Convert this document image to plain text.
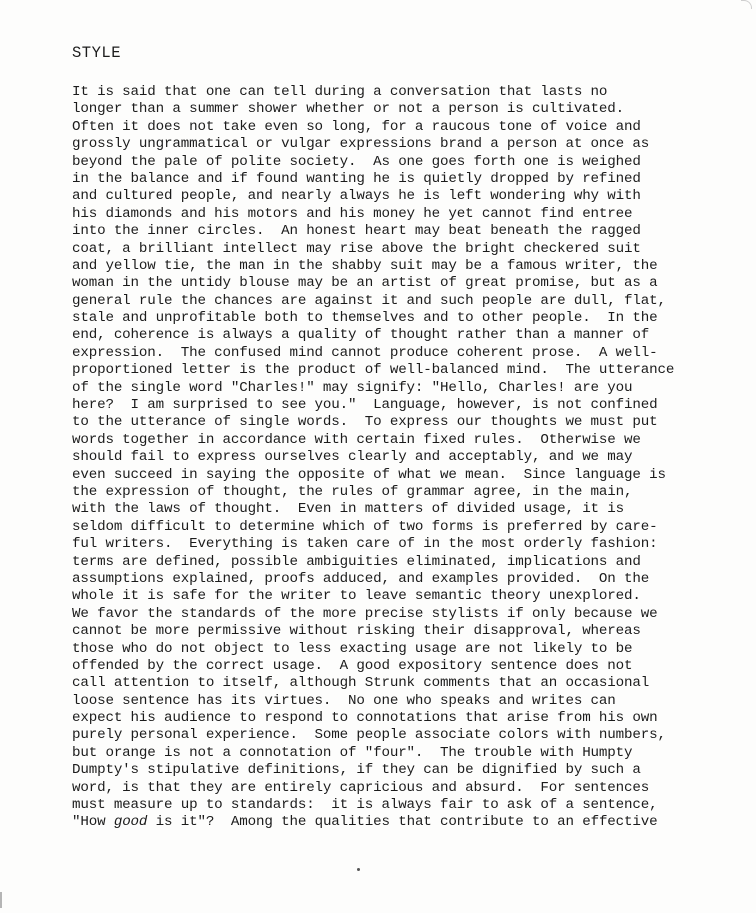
STYLE
It is said that one can tell during a conversation that lasts no
longer than a summer shower whether or not a person is cultivated.
Often it does not take even so long, for a raucous tone of voice and
grossly ungrammatical or vulgar expressions brand a person at once as
beyond the pale of polite society.  As one goes forth one is weighed
in the balance and if found wanting he is quietly dropped by refined
and cultured people, and nearly always he is left wondering why with
his diamonds and his motors and his money he yet cannot find entree
into the inner circles.  An honest heart may beat beneath the ragged
coat, a brilliant intellect may rise above the bright checkered suit
and yellow tie, the man in the shabby suit may be a famous writer, the
woman in the untidy blouse may be an artist of great promise, but as a
general rule the chances are against it and such people are dull, flat,
stale and unprofitable both to themselves and to other people.  In the
end, coherence is always a quality of thought rather than a manner of
expression.  The confused mind cannot produce coherent prose.  A well-
proportioned letter is the product of well-balanced mind.  The utterance
of the single word "Charles!" may signify: "Hello, Charles! are you
here?  I am surprised to see you."  Language, however, is not confined
to the utterance of single words.  To express our thoughts we must put
words together in accordance with certain fixed rules.  Otherwise we
should fail to express ourselves clearly and acceptably, and we may
even succeed in saying the opposite of what we mean.  Since language is
the expression of thought, the rules of grammar agree, in the main,
with the laws of thought.  Even in matters of divided usage, it is
seldom difficult to determine which of two forms is preferred by care-
ful writers.  Everything is taken care of in the most orderly fashion:
terms are defined, possible ambiguities eliminated, implications and
assumptions explained, proofs adduced, and examples provided.  On the
whole it is safe for the writer to leave semantic theory unexplored.
We favor the standards of the more precise stylists if only because we
cannot be more permissive without risking their disapproval, whereas
those who do not object to less exacting usage are not likely to be
offended by the correct usage.  A good expository sentence does not
call attention to itself, although Strunk comments that an occasional
loose sentence has its virtues.  No one who speaks and writes can
expect his audience to respond to connotations that arise from his own
purely personal experience.  Some people associate colors with numbers,
but orange is not a connotation of "four".  The trouble with Humpty
Dumpty's stipulative definitions, if they can be dignified by such a
word, is that they are entirely capricious and absurd.  For sentences
must measure up to standards:  it is always fair to ask of a sentence,
"How good is it"?  Among the qualities that contribute to an effective
